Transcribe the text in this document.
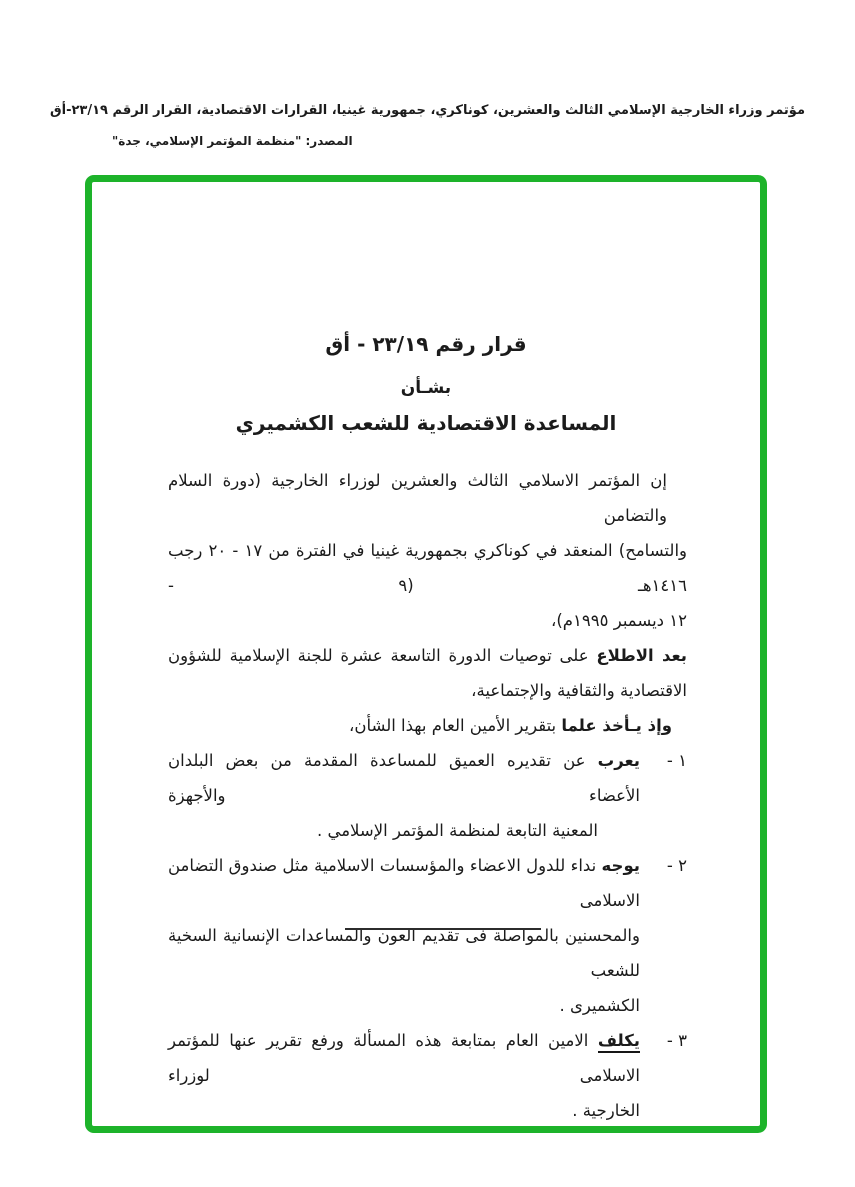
مؤتمر وزراء الخارجية الإسلامي الثالث والعشرين، كوناكري، جمهورية غينيا، القرارات الاقتصادية، القرار الرقم ٢٣/١٩-أق
المصدر: "منظمة المؤتمر الإسلامي، جدة"
قرار رقم ٢٣/١٩ - أق
بشـأن
المساعدة الاقتصادية للشعب الكشميري
إن المؤتمر الاسلامي الثالث والعشرين لوزراء الخارجية (دورة السلام والتضامن
والتسامح) المنعقد في كوناكري بجمهورية غينيا في الفترة من ١٧ - ٢٠ رجب ١٤١٦هـ (٩ -
١٢ ديسمبر ١٩٩٥م)،
بعد الاطلاع على توصيات الدورة التاسعة عشرة للجنة الإسلامية للشؤون
الاقتصادية والثقافية والإجتماعية،
وإذ يـأخذ علما بتقرير الأمين العام بهذا الشأن،
١ -
يعرب عن تقديره العميق للمساعدة المقدمة من بعض البلدان الأعضاء والأجهزة
المعنية التابعة لمنظمة المؤتمر الإسلامي .
٢ -
يوجه نداء للدول الاعضاء والمؤسسات الاسلامية مثل صندوق التضامن الاسلامى
والمحسنين بالمواصلة فى تقديم العون والمساعدات الإنسانية السخية للشعب
الكشميرى .
٣ -
يكلف الامين العام بمتابعة هذه المسألة ورفع تقرير عنها للمؤتمر الاسلامى لوزراء
الخارجية .
